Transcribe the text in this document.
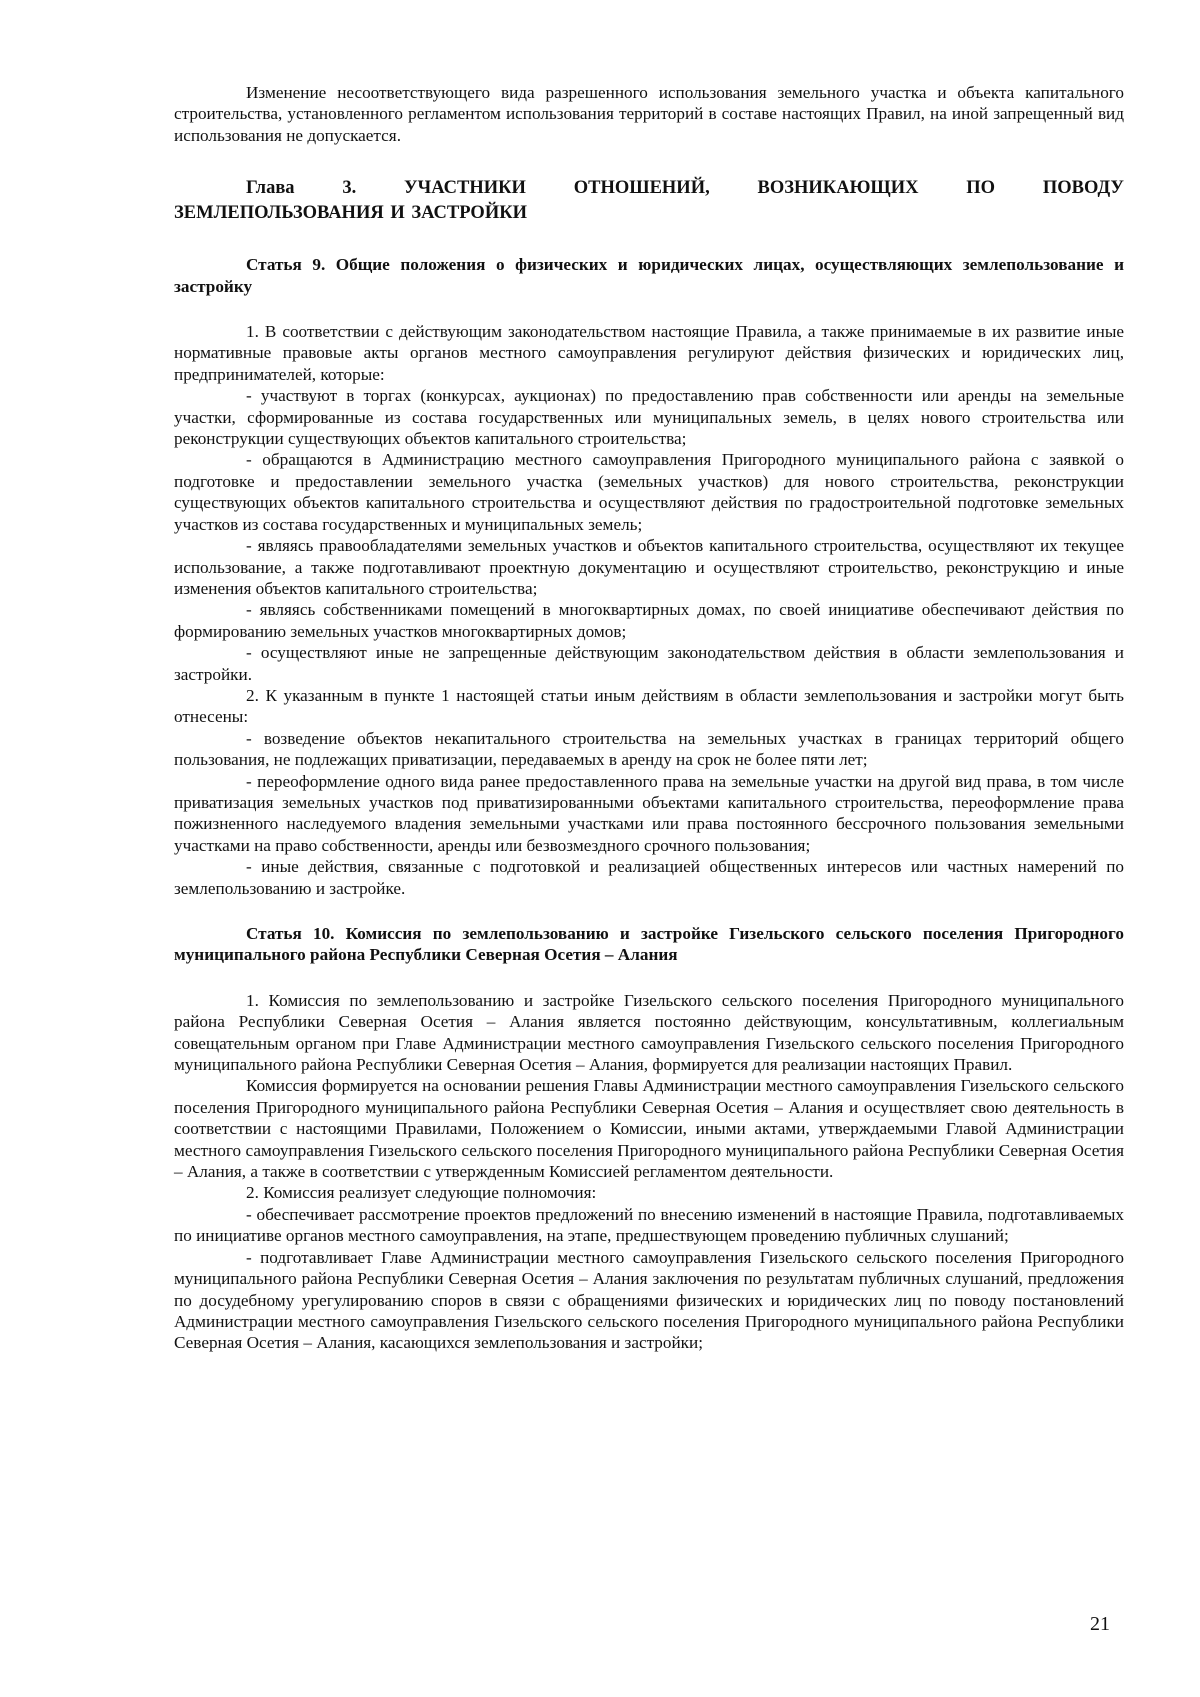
Изменение несоответствующего вида разрешенного использования земельного участка и объекта капитального строительства, установленного регламентом использования территорий в составе настоящих Правил, на иной запрещенный вид использования не допускается.

Глава 3. УЧАСТНИКИ ОТНОШЕНИЙ, ВОЗНИКАЮЩИХ ПО ПОВОДУ
ЗЕМЛЕПОЛЬЗОВАНИЯ И ЗАСТРОЙКИ

Статья 9. Общие положения о физических и юридических лицах, осуществляющих землепользование и застройку

1. В соответствии с действующим законодательством настоящие Правила, а также принимаемые в их развитие иные нормативные правовые акты органов местного самоуправления регулируют действия физических и юридических лиц, предпринимателей, которые:

- участвуют в торгах (конкурсах, аукционах) по предоставлению прав собственности или аренды на земельные участки, сформированные из состава государственных или муниципальных земель, в целях нового строительства или реконструкции существующих объектов капитального строительства;

- обращаются в Администрацию местного самоуправления Пригородного муниципального района с заявкой о подготовке и предоставлении земельного участка (земельных участков) для нового строительства, реконструкции существующих объектов капитального строительства и осуществляют действия по градостроительной подготовке земельных участков из состава государственных и муниципальных земель;

- являясь правообладателями земельных участков и объектов капитального строительства, осуществляют их текущее использование, а также подготавливают проектную документацию и осуществляют строительство, реконструкцию и иные изменения объектов капитального строительства;

- являясь собственниками помещений в многоквартирных домах, по своей инициативе обеспечивают действия по формированию земельных участков многоквартирных домов;

- осуществляют иные не запрещенные действующим законодательством действия в области землепользования и застройки.

2. К указанным в пункте 1 настоящей статьи иным действиям в области землепользования и застройки могут быть отнесены:

- возведение объектов некапитального строительства на земельных участках в границах территорий общего пользования, не подлежащих приватизации, передаваемых в аренду на срок не более пяти лет;

- переоформление одного вида ранее предоставленного права на земельные участки на другой вид права, в том числе приватизация земельных участков под приватизированными объектами капитального строительства, переоформление права пожизненного наследуемого владения земельными участками или права постоянного бессрочного пользования земельными участками на право собственности, аренды или безвозмездного срочного пользования;

- иные действия, связанные с подготовкой и реализацией общественных интересов или частных намерений по землепользованию и застройке.

Статья 10. Комиссия по землепользованию и застройке Гизельского сельского поселения Пригородного муниципального района Республики Северная Осетия – Алания

1. Комиссия по землепользованию и застройке Гизельского сельского поселения Пригородного муниципального района Республики Северная Осетия – Алания является постоянно действующим, консультативным, коллегиальным совещательным органом при Главе Администрации местного самоуправления Гизельского сельского поселения Пригородного муниципального района Республики Северная Осетия – Алания, формируется для реализации настоящих Правил.

Комиссия формируется на основании решения Главы Администрации местного самоуправления Гизельского сельского поселения Пригородного муниципального района Республики Северная Осетия – Алания и осуществляет свою деятельность в соответствии с настоящими Правилами, Положением о Комиссии, иными актами, утверждаемыми Главой Администрации местного самоуправления Гизельского сельского поселения Пригородного муниципального района Республики Северная Осетия – Алания, а также в соответствии с утвержденным Комиссией регламентом деятельности.

2. Комиссия реализует следующие полномочия:

- обеспечивает рассмотрение проектов предложений по внесению изменений в настоящие Правила, подготавливаемых по инициативе органов местного самоуправления, на этапе, предшествующем проведению публичных слушаний;

- подготавливает Главе Администрации местного самоуправления Гизельского сельского поселения Пригородного муниципального района Республики Северная Осетия – Алания заключения по результатам публичных слушаний, предложения по досудебному урегулированию споров в связи с обращениями физических и юридических лиц по поводу постановлений Администрации местного самоуправления Гизельского сельского поселения Пригородного муниципального района Республики Северная Осетия – Алания, касающихся землепользования и застройки;

21
